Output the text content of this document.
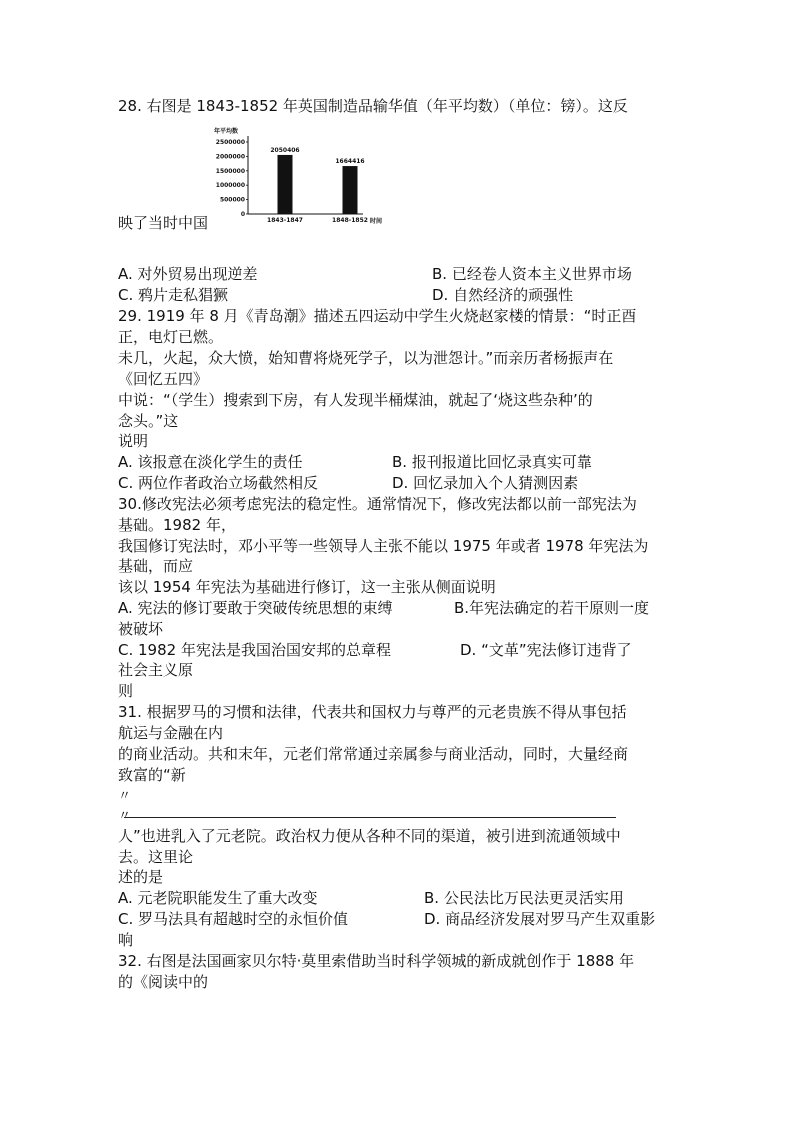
28. 右图是 1843-1852 年英国制造品输华值（年平均数）（单位：镑）。这反
年平均数
0
500000
1000000
1500000
2000000
2500000
2050406
1843-1847
1664416
1848-1852 时间
映了当时中国
A. 对外贸易出现逆差	B. 已经卷人资本主义世界市场
C. 鸦片走私猖獗	D. 自然经济的顽强性
29. 1919 年 8 月《青岛潮》描述五四运动中学生火烧赵家楼的情景：“时正酉
正，电灯已燃。
未几，火起，众大愤，始知曹将烧死学子，以为泄怨计。”而亲历者杨振声在
《回忆五四》
中说：“（学生）搜索到下房，有人发现半桶煤油，就起了‘烧这些杂种’的
念头。”这
说明
A. 该报意在淡化学生的责任	B. 报刊报道比回忆录真实可靠
C. 两位作者政治立场截然相反	D. 回忆录加入个人猜测因素
30.修改宪法必须考虑宪法的稳定性。通常情况下，修改宪法都以前一部宪法为
基础。1982 年，
我国修订宪法时，邓小平等一些领导人主张不能以 1975 年或者 1978 年宪法为
基础，而应
该以 1954 年宪法为基础进行修订，这一主张从侧面说明
A. 宪法的修订要敢于突破传统思想的束缚	B.年宪法确定的若干原则一度
被破坏
C. 1982 年宪法是我国治国安邦的总章程	D. “文革”宪法修订违背了
社会主义原
则
31. 根据罗马的习惯和法律，代表共和国权力与尊严的元老贵族不得从事包括
航运与金融在内
的商业活动。共和末年，元老们常常通过亲属参与商业活动，同时，大量经商
致富的“新
〃
〃
人”也进乳入了元老院。政治权力便从各种不同的渠道，被引进到流通领域中
去。这里论
述的是
A. 元老院职能发生了重大改变	B. 公民法比万民法更灵活实用
C. 罗马法具有超越时空的永恒价值	D. 商品经济发展对罗马产生双重影
响
32. 右图是法国画家贝尔特·莫里索借助当时科学领城的新成就创作于 1888 年
的《阅读中的
